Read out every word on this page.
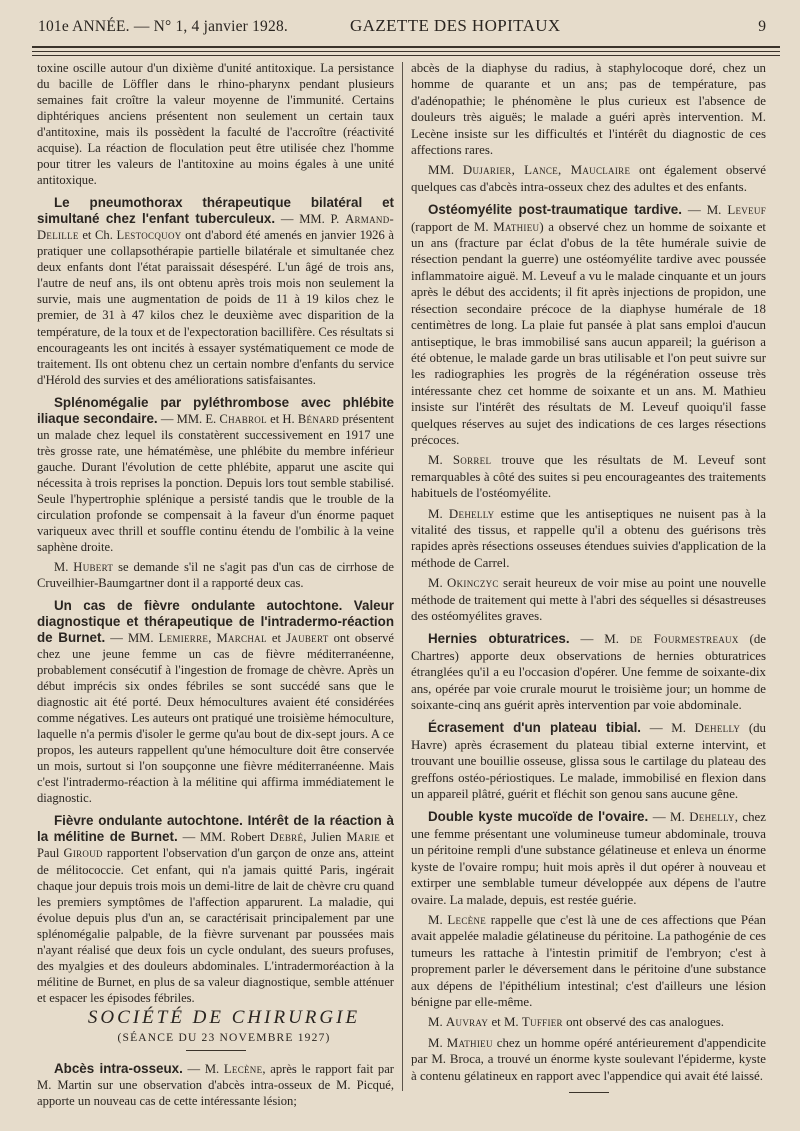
101e ANNÉE. — N° 1, 4 janvier 1928.	GAZETTE DES HOPITAUX	9

toxine oscille autour d'un dixième d'unité antitoxique. La persistance du bacille de Löffler dans le rhino-pharynx pendant plusieurs semaines fait croître la valeur moyenne de l'immunité. Certains diphtériques anciens présentent non seulement un certain taux d'antitoxine, mais ils possèdent la faculté de l'accroître (réactivité acquise). La réaction de floculation peut être utilisée chez l'homme pour titrer les valeurs de l'antitoxine au moins égales à une unité antitoxique.

Le pneumothorax thérapeutique bilatéral et simultané chez l'enfant tuberculeux. — MM. P. Armand-Delille et Ch. Lestocquoy ont d'abord été amenés en janvier 1926 à pratiquer une collapsothérapie partielle bilatérale et simultanée chez deux enfants dont l'état paraissait désespéré. L'un âgé de trois ans, l'autre de neuf ans, ils ont obtenu après trois mois non seulement la survie, mais une augmentation de poids de 11 à 19 kilos chez le premier, de 31 à 47 kilos chez le deuxième avec disparition de la température, de la toux et de l'expectoration bacillifère. Ces résultats si encourageants les ont incités à essayer systématiquement ce mode de traitement. Ils ont obtenu chez un certain nombre d'enfants du service d'Hérold des survies et des améliorations satisfaisantes.

Splénomégalie par pyléthrombose avec phlébite iliaque secondaire. — MM. E. Chabrol et H. Bénard présentent un malade chez lequel ils constatèrent successivement en 1917 une très grosse rate, une hématémèse, une phlébite du membre inférieur gauche. Durant l'évolution de cette phlébite, apparut une ascite qui nécessita à trois reprises la ponction. Depuis lors tout semble stabilisé. Seule l'hypertrophie splénique a persisté tandis que le trouble de la circulation profonde se compensait à la faveur d'un énorme paquet variqueux avec thrill et souffle continu étendu de l'ombilic à la veine saphène droite.

M. Hubert se demande s'il ne s'agit pas d'un cas de cirrhose de Cruveilhier-Baumgartner dont il a rapporté deux cas.

Un cas de fièvre ondulante autochtone. Valeur diagnostique et thérapeutique de l'intradermo-réaction de Burnet. — MM. Lemierre, Marchal et Jaubert ont observé chez une jeune femme un cas de fièvre méditerranéenne, probablement consécutif à l'ingestion de fromage de chèvre. Après un début imprécis six ondes fébriles se sont succédé sans que le diagnostic ait été porté. Deux hémocultures avaient été considérées comme négatives. Les auteurs ont pratiqué une troisième hémoculture, laquelle n'a permis d'isoler le germe qu'au bout de dix-sept jours. A ce propos, les auteurs rappellent qu'une hémoculture doit être conservée un mois, surtout si l'on soupçonne une fièvre méditerranéenne. Mais c'est l'intradermo-réaction à la mélitine qui affirma immédiatement le diagnostic.

Fièvre ondulante autochtone. Intérêt de la réaction à la mélitine de Burnet. — MM. Robert Debré, Julien Marie et Paul Giroud rapportent l'observation d'un garçon de onze ans, atteint de mélitococcie. Cet enfant, qui n'a jamais quitté Paris, ingérait chaque jour depuis trois mois un demi-litre de lait de chèvre cru quand les premiers symptômes de l'affection apparurent. La maladie, qui évolue depuis plus d'un an, se caractérisait principalement par une splénomégalie palpable, de la fièvre survenant par poussées mais n'ayant réalisé que deux fois un cycle ondulant, des sueurs profuses, des myalgies et des douleurs abdominales. L'intradermoréaction à la mélitine de Burnet, en plus de sa valeur diagnostique, semble atténuer et espacer les épisodes fébriles.

SOCIÉTÉ DE CHIRURGIE

(SÉANCE DU 23 NOVEMBRE 1927)

Abcès intra-osseux. — M. Lecène, après le rapport fait par M. Martin sur une observation d'abcès intra-osseux de M. Picqué, apporte un nouveau cas de cette intéressante lésion;

abcès de la diaphyse du radius, à staphylocoque doré, chez un homme de quarante et un ans; pas de température, pas d'adénopathie; le phénomène le plus curieux est l'absence de douleurs très aiguës; le malade a guéri après intervention. M. Lecène insiste sur les difficultés et l'intérêt du diagnostic de ces affections rares.

MM. Dujarier, Lance, Mauclaire ont également observé quelques cas d'abcès intra-osseux chez des adultes et des enfants.

Ostéomyélite post-traumatique tardive. — M. Leveuf (rapport de M. Mathieu) a observé chez un homme de soixante et un ans (fracture par éclat d'obus de la tête humérale suivie de résection pendant la guerre) une ostéomyélite tardive avec poussée inflammatoire aiguë. M. Leveuf a vu le malade cinquante et un jours après le début des accidents; il fit après injections de propidon, une résection secondaire précoce de la diaphyse humérale de 18 centimètres de long. La plaie fut pansée à plat sans emploi d'aucun antiseptique, le bras immobilisé sans aucun appareil; la guérison a été obtenue, le malade garde un bras utilisable et l'on peut suivre sur les radiographies les progrès de la régénération osseuse très intéressante chez cet homme de soixante et un ans. M. Mathieu insiste sur l'intérêt des résultats de M. Leveuf quoiqu'il fasse quelques réserves au sujet des indications de ces larges résections précoces.

M. Sorrel trouve que les résultats de M. Leveuf sont remarquables à côté des suites si peu encourageantes des traitements habituels de l'ostéomyélite.

M. Dehelly estime que les antiseptiques ne nuisent pas à la vitalité des tissus, et rappelle qu'il a obtenu des guérisons très rapides après résections osseuses étendues suivies d'application de la méthode de Carrel.

M. Okinczyc serait heureux de voir mise au point une nouvelle méthode de traitement qui mette à l'abri des séquelles si désastreuses des ostéomyélites graves.

Hernies obturatrices. — M. de Fourmestreaux (de Chartres) apporte deux observations de hernies obturatrices étranglées qu'il a eu l'occasion d'opérer. Une femme de soixante-dix ans, opérée par voie crurale mourut le troisième jour; un homme de soixante-cinq ans guérit après intervention par voie abdominale.

Écrasement d'un plateau tibial. — M. Dehelly (du Havre) après écrasement du plateau tibial externe intervint, et trouvant une bouillie osseuse, glissa sous le cartilage du plateau des greffons ostéo-périostiques. Le malade, immobilisé en flexion dans un appareil plâtré, guérit et fléchit son genou sans aucune gêne.

Double kyste mucoïde de l'ovaire. — M. Dehelly, chez une femme présentant une volumineuse tumeur abdominale, trouva un péritoine rempli d'une substance gélatineuse et enleva un énorme kyste de l'ovaire rompu; huit mois après il dut opérer à nouveau et extirper une semblable tumeur développée aux dépens de l'autre ovaire. La malade, depuis, est restée guérie.

M. Lecène rappelle que c'est là une de ces affections que Péan avait appelée maladie gélatineuse du péritoine. La pathogénie de ces tumeurs les rattache à l'intestin primitif de l'embryon; c'est à proprement parler le déversement dans le péritoine d'une substance aux dépens de l'épithélium intestinal; c'est d'ailleurs une lésion bénigne par elle-même.

M. Auvray et M. Tuffier ont observé des cas analogues.

M. Mathieu chez un homme opéré antérieurement d'appendicite par M. Broca, a trouvé un énorme kyste soulevant l'épiderme, kyste à contenu gélatineux en rapport avec l'appendice qui avait été laissé.
